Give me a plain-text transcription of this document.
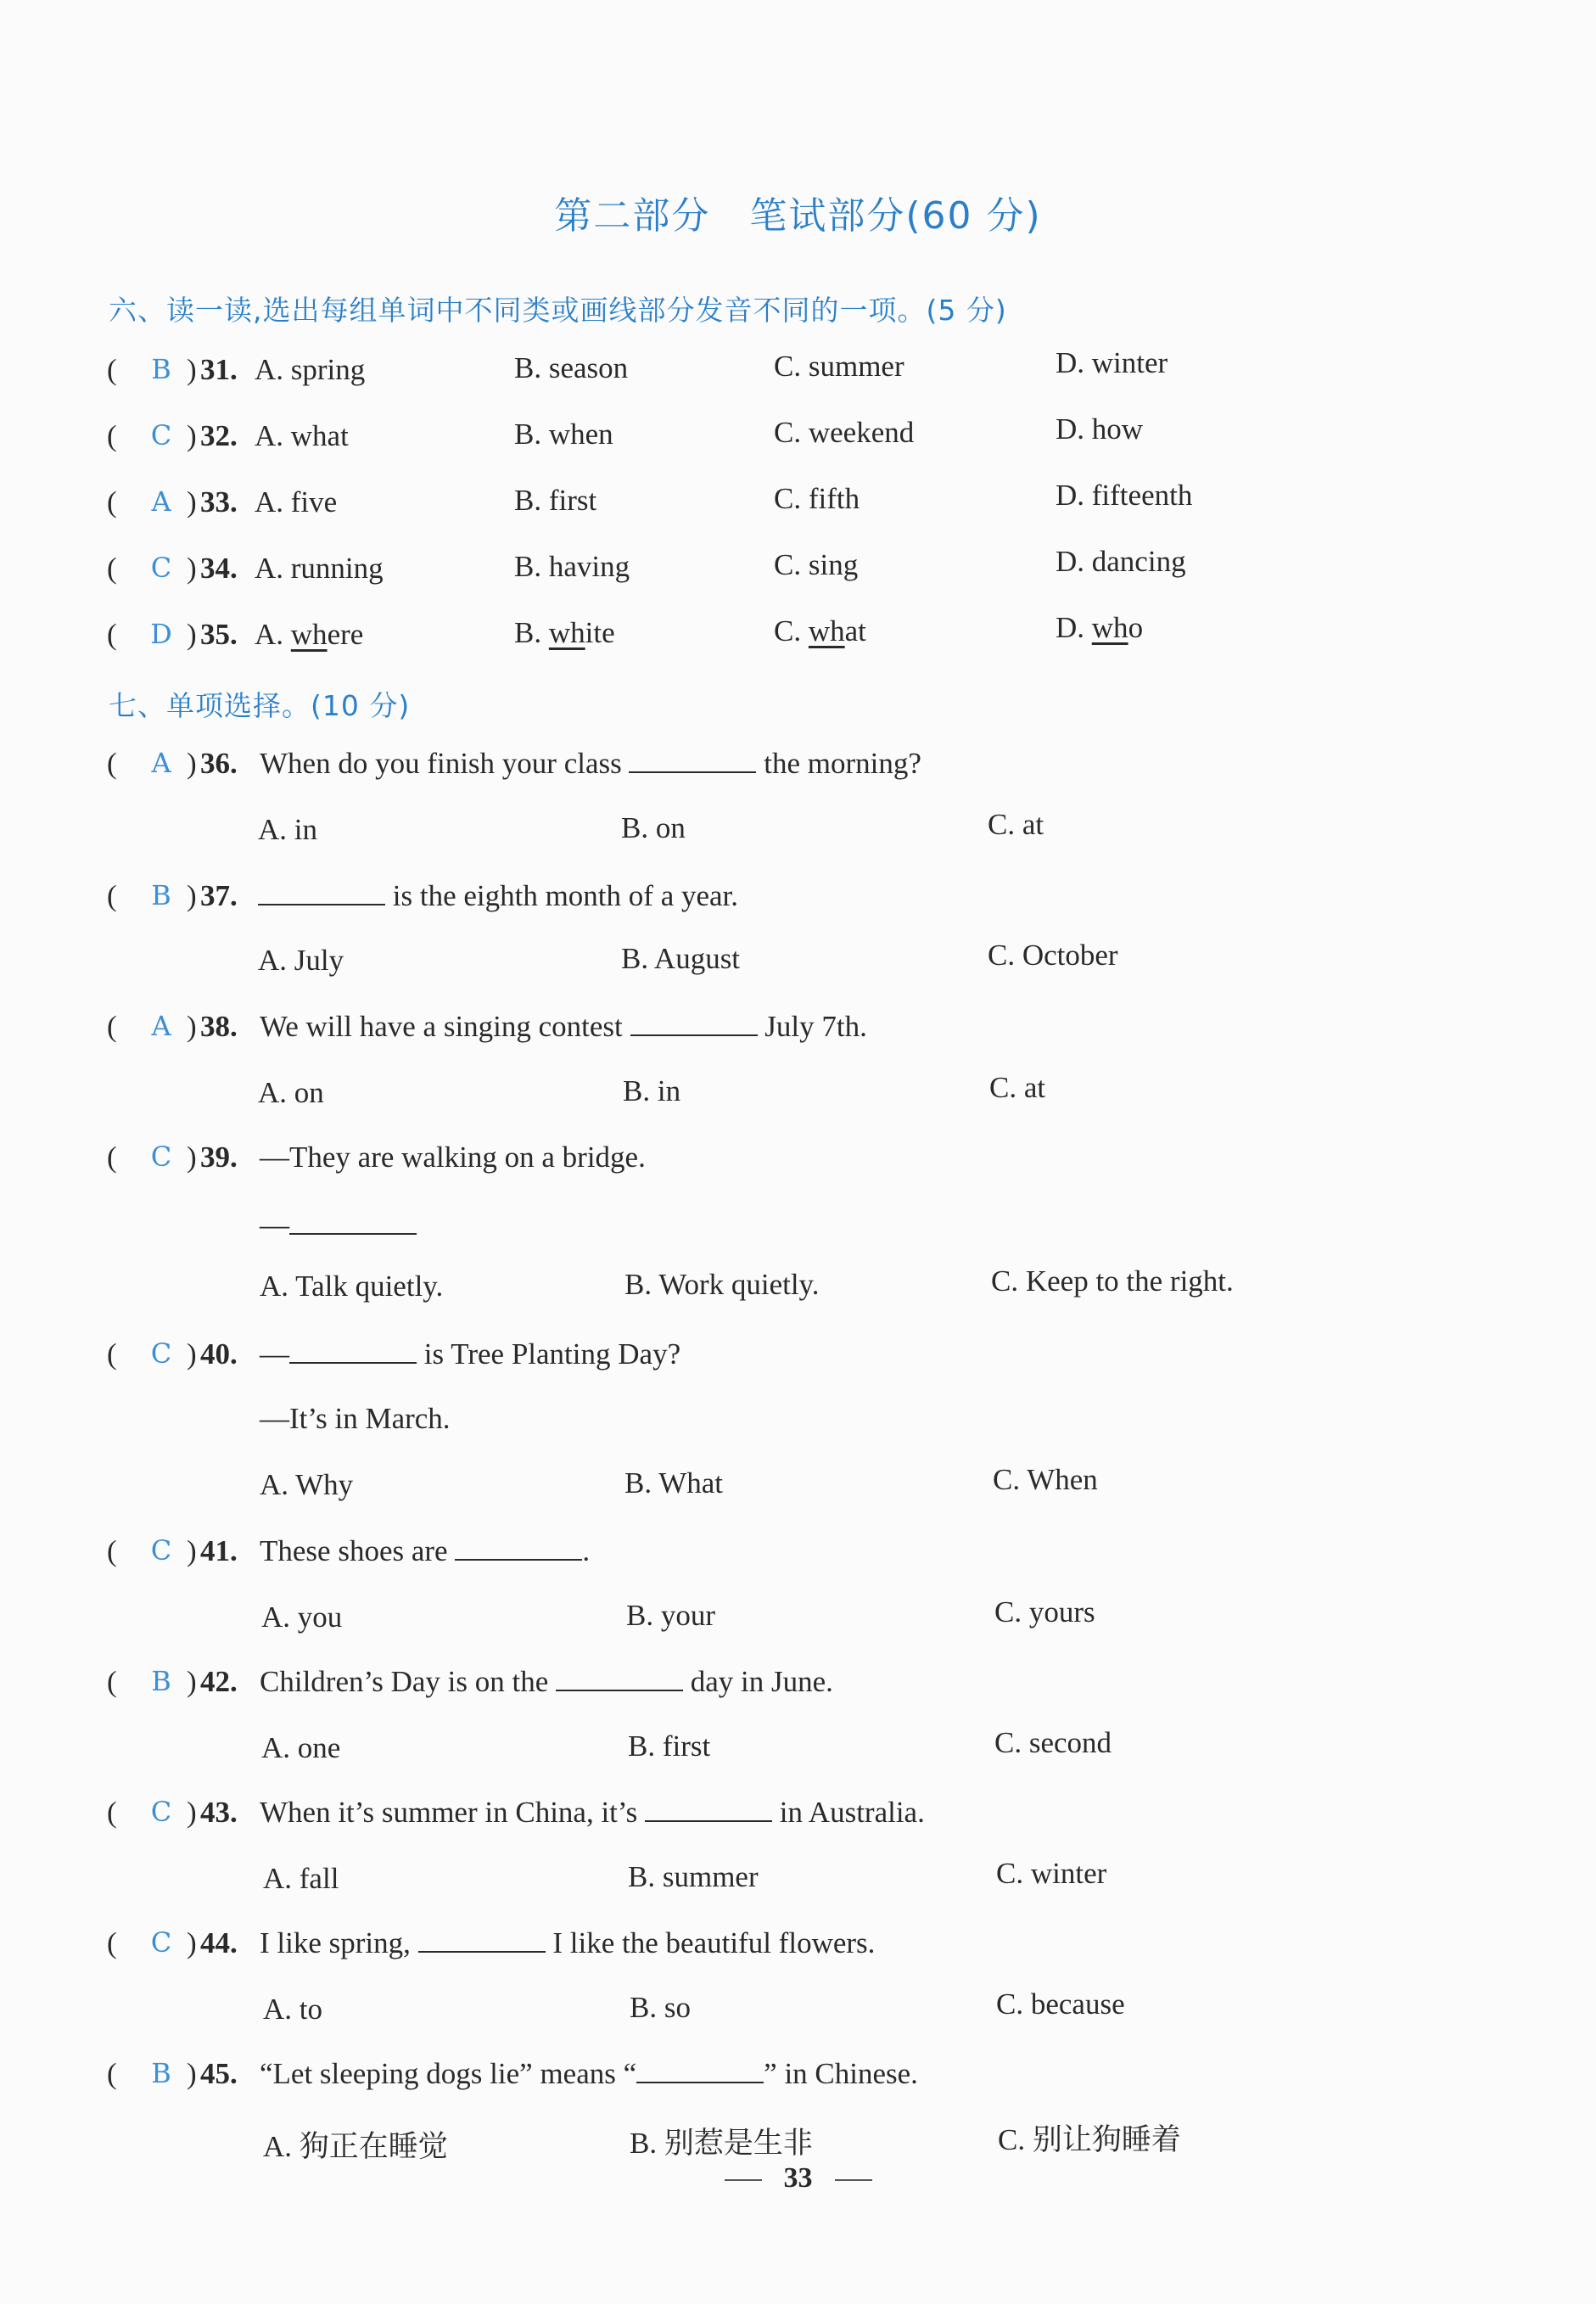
第二部分　笔试部分(60 分)
六、读一读,选出每组单词中不同类或画线部分发音不同的一项。(5 分)
( B ) 31. A. spring	B. season	C. summer	D. winter
( C ) 32. A. what	B. when	C. weekend	D. how
( A ) 33. A. five	B. first	C. fifth	D. fifteenth
( C ) 34. A. running	B. having	C. sing	D. dancing
( D ) 35. A. where	B. white	C. what	D. who
七、单项选择。(10 分)
( A ) 36. When do you finish your class	the morning?
A. in	B. on	C. at
( B ) 37.	is the eighth month of a year.
A. July	B. August	C. October
( A ) 38. We will have a singing contest	July 7th.
A. on	B. in	C. at
( C ) 39. —They are walking on a bridge.
—
A. Talk quietly.	B. Work quietly.	C. Keep to the right.
( C ) 40. —	is Tree Planting Day?
—It’s in March.
A. Why	B. What	C. When
( C ) 41. These shoes are	.
A. you	B. your	C. yours
( B ) 42. Children’s Day is on the	day in June.
A. one	B. first	C. second
( C ) 43. When it’s summer in China, it’s	in Australia.
A. fall	B. summer	C. winter
( C ) 44. I like spring,	I like the beautiful flowers.
A. to	B. so	C. because
( B ) 45. “Let sleeping dogs lie” means “	” in Chinese.
A. 狗正在睡觉	B. 别惹是生非	C. 别让狗睡着
33
